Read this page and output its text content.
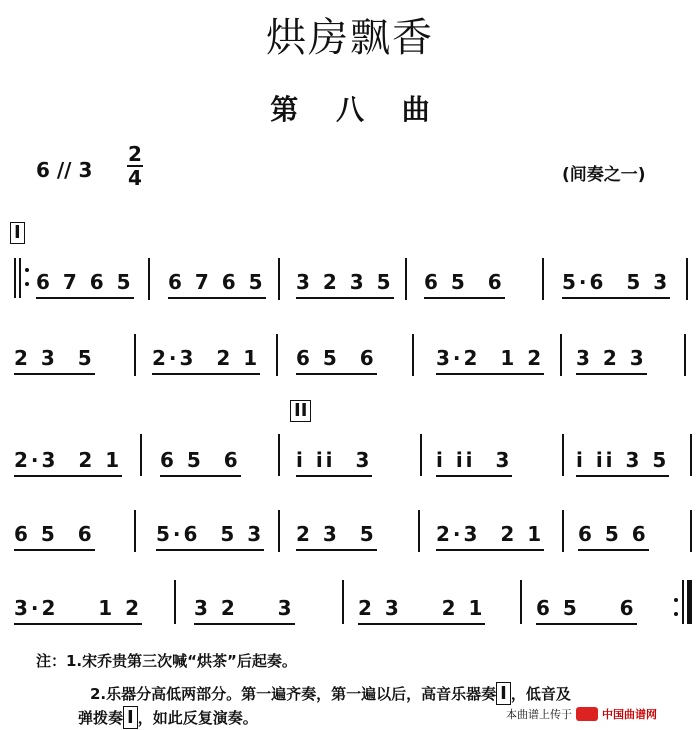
烘房飘香
第 八 曲
6 // 3
2
4	(间奏之一)
I
II
6 7 6 5 6 7 6 5 3 2 3 5 6 5  6	5·6  5 3
2 3  5	2·3  2 1 6 5  6	3·2  1 2 3 2 3
2·3  2 1 6 5  6	i ii  3	i ii  3	i ii 3 5
6 5  6	5·6  5 3 2 3  5	2·3  2 1 6 5 6
3·2    1 2	3 2    3	2 3    2 1	6 5    6
注：1.宋乔贵第三次喊“烘茶”后起奏。
2.乐器分高低两部分。第一遍齐奏，第一遍以后，高音乐器奏 I ，低音及
弹拨奏 I ，如此反复演奏。	本曲谱上传于	中国曲谱网
